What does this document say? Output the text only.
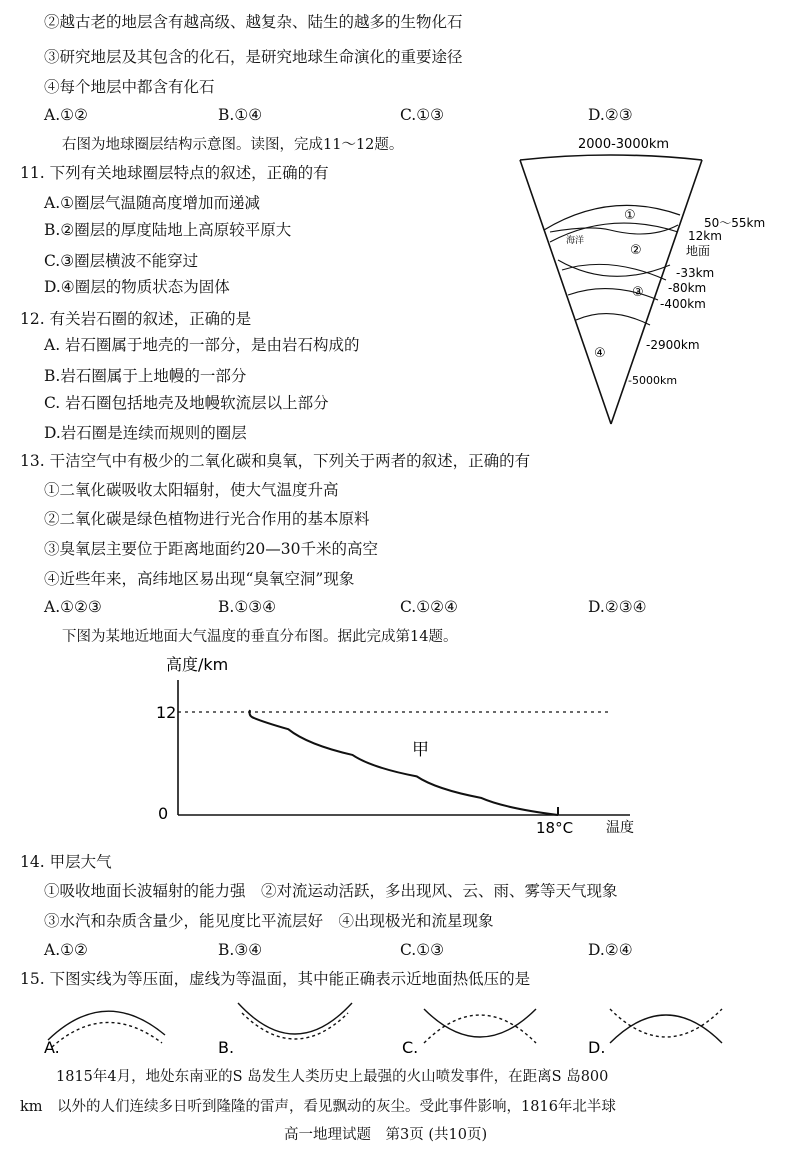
②越古老的地层含有越高级、越复杂、陆生的越多的生物化石
③研究地层及其包含的化石，是研究地球生命演化的重要途径
④每个地层中都含有化石
A.①②	B.①④	C.①③	D.②③
右图为地球圈层结构示意图。读图，完成11～12题。
11. 下列有关地球圈层特点的叙述，正确的有
A.①圈层气温随高度增加而递减
B.②圈层的厚度陆地上高原较平原大
C.③圈层横波不能穿过
D.④圈层的物质状态为固体
12. 有关岩石圈的叙述，正确的是
A. 岩石圈属于地壳的一部分，是由岩石构成的
B.岩石圈属于上地幔的一部分
C. 岩石圈包括地壳及地幔软流层以上部分
D.岩石圈是连续而规则的圈层
2000-3000km
①
②
③
④
海洋
50～55km
12km
地面
-33km
-80km
-400km
-2900km
-5000km
13. 干洁空气中有极少的二氧化碳和臭氧，下列关于两者的叙述，正确的有
①二氧化碳吸收太阳辐射，使大气温度升高
②二氧化碳是绿色植物进行光合作用的基本原料
③臭氧层主要位于距离地面约20—30千米的高空
④近些年来，高纬地区易出现“臭氧空洞”现象
A.①②③	B.①③④	C.①②④	D.②③④
下图为某地近地面大气温度的垂直分布图。据此完成第14题。
高度/km
12
0
18°C 温度
甲
14. 甲层大气
①吸收地面长波辐射的能力强　②对流运动活跃，多出现风、云、雨、雾等天气现象
③水汽和杂质含量少，能见度比平流层好　④出现极光和流星现象
A.①②	B.③④	C.①③	D.②④
15. 下图实线为等压面，虚线为等温面，其中能正确表示近地面热低压的是
A.	B.	C.	D.
1815年4月，地处东南亚的S 岛发生人类历史上最强的火山喷发事件，在距离S 岛800
km　以外的人们连续多日听到隆隆的雷声，看见飘动的灰尘。受此事件影响，1816年北半球
高一地理试题　第3页 (共10页)
